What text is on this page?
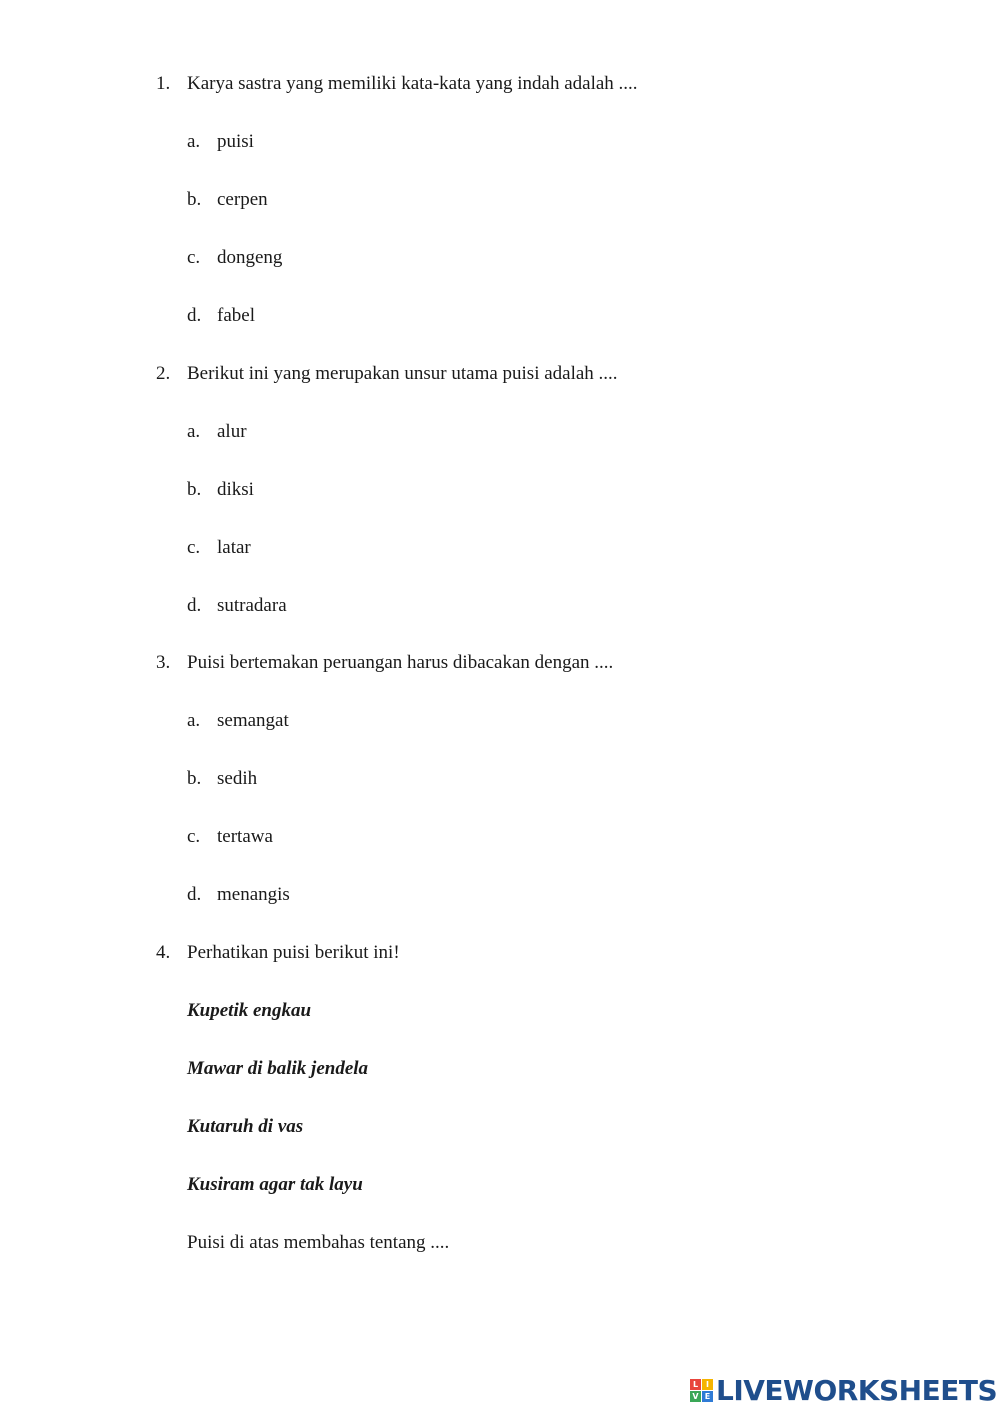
1. Karya sastra yang memiliki kata-kata yang indah adalah ....
a. puisi
b. cerpen
c. dongeng
d. fabel
2. Berikut ini yang merupakan unsur utama puisi adalah ....
a. alur
b. diksi
c. latar
d. sutradara
3. Puisi bertemakan peruangan harus dibacakan dengan ....
a. semangat
b. sedih
c. tertawa
d. menangis
4. Perhatikan puisi berikut ini!
Kupetik engkau
Mawar di balik jendela
Kutaruh di vas
Kusiram agar tak layu
Puisi di atas membahas tentang ....
L I
V E LIVEWORKSHEETS
